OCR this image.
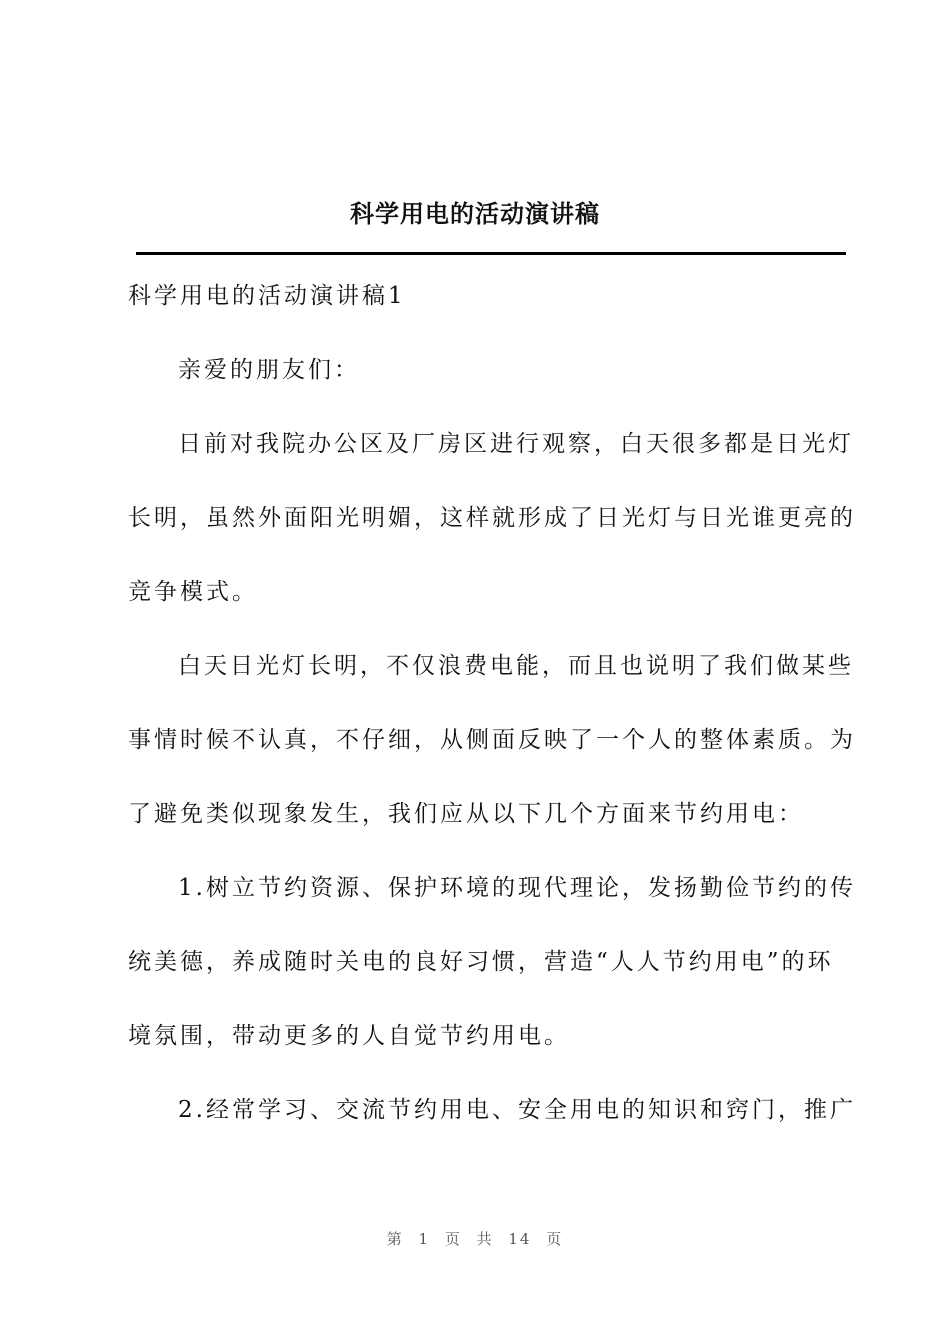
科学用电的活动演讲稿
科学用电的活动演讲稿1
亲爱的朋友们：
日前对我院办公区及厂房区进行观察，白天很多都是日光灯
长明，虽然外面阳光明媚，这样就形成了日光灯与日光谁更亮的
竞争模式。
白天日光灯长明，不仅浪费电能，而且也说明了我们做某些
事情时候不认真，不仔细，从侧面反映了一个人的整体素质。为
了避免类似现象发生，我们应从以下几个方面来节约用电：
1.树立节约资源、保护环境的现代理论，发扬勤俭节约的传
统美德，养成随时关电的良好习惯，营造“人人节约用电”的环
境氛围，带动更多的人自觉节约用电。
2.经常学习、交流节约用电、安全用电的知识和窍门，推广
第 1 页 共 14 页
